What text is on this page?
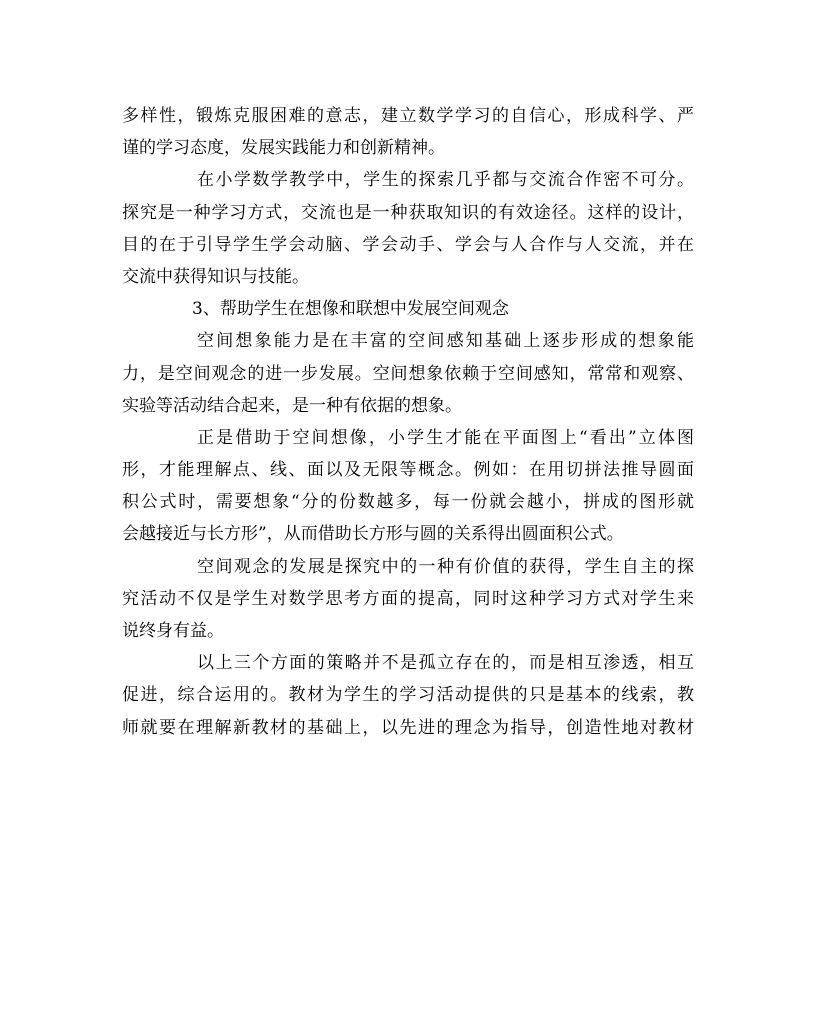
多样性，锻炼克服困难的意志，建立数学学习的自信心，形成科学、严
谨的学习态度，发展实践能力和创新精神。
在小学数学教学中，学生的探索几乎都与交流合作密不可分。
探究是一种学习方式，交流也是一种获取知识的有效途径。这样的设计，
目的在于引导学生学会动脑、学会动手、学会与人合作与人交流，并在
交流中获得知识与技能。
3、帮助学生在想像和联想中发展空间观念
空间想象能力是在丰富的空间感知基础上逐步形成的想象能
力，是空间观念的进一步发展。空间想象依赖于空间感知，常常和观察、
实验等活动结合起来，是一种有依据的想象。
正是借助于空间想像，小学生才能在平面图上“看出”立体图
形，才能理解点、线、面以及无限等概念。例如：在用切拼法推导圆面
积公式时，需要想象“分的份数越多，每一份就会越小，拼成的图形就
会越接近与长方形”，从而借助长方形与圆的关系得出圆面积公式。
空间观念的发展是探究中的一种有价值的获得，学生自主的探
究活动不仅是学生对数学思考方面的提高，同时这种学习方式对学生来
说终身有益。
以上三个方面的策略并不是孤立存在的，而是相互渗透，相互
促进，综合运用的。教材为学生的学习活动提供的只是基本的线索，教
师就要在理解新教材的基础上，以先进的理念为指导，创造性地对教材
